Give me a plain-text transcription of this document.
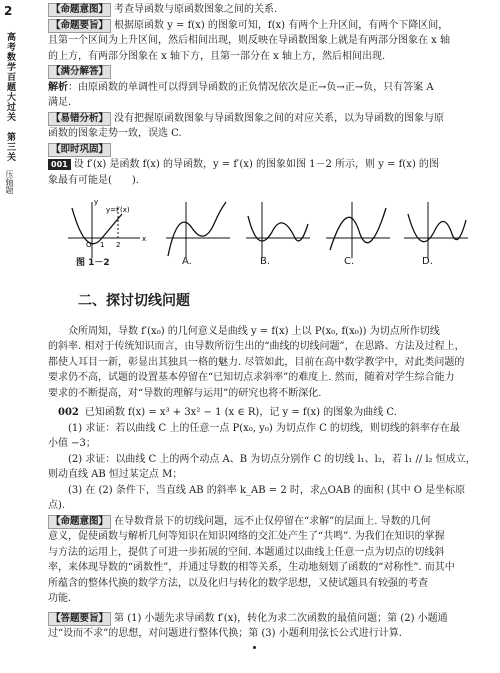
2
高考数学百题大过关
第三关
压轴题

【命题意图】 考查导函数与原函数图象之间的关系.

【命题要旨】 根据原函数 y = f(x) 的图象可知，f(x) 有两个上升区间，有两个下降区间，

且第一个区间为上升区间，然后相间出现，则反映在导函数图象上就是有两部分图象在 x 轴

的上方，有两部分图象在 x 轴下方，且第一部分在 x 轴上方，然后相间出现.

【满分解答】

解析：由原函数的单调性可以得到导函数的正负情况依次是正→负→正→负，只有答案 A

满足.

【易错分析】 没有把握原函数图象与导函数图象之间的对应关系，以为导函数的图象与原

函数的图象走势一致，误选 C.

【即时巩固】

001 设 f′(x) 是函数 f(x) 的导函数，y = f′(x) 的图象如图 1－2 所示，则 y = f(x) 的图

象最有可能是(　　).

y=f′(x)
x
y
O 1 2
图 1－2	A.	B.	C.	D.
二、探讨切线问题

众所周知，导数 f′(x₀) 的几何意义是曲线 y = f(x) 上以 P(x₀, f(x₀)) 为切点所作切线

的斜率. 相对于传统知识而言，由导数所衍生出的“曲线的切线问题”，在思路、方法及过程上，

都使人耳目一新，彰显出其独具一格的魅力. 尽管如此，目前在高中数学教学中，对此类问题的

要求仍不高，试题的设置基本停留在“已知切点求斜率”的难度上. 然而，随着对学生综合能力

要求的不断提高，对“导数的理解与运用”的研究也将不断深化.

002 已知函数 f(x) = x³ + 3x² − 1 (x ∈ R)，记 y = f(x) 的图象为曲线 C.

(1) 求证：若以曲线 C 上的任意一点 P(x₀, y₀) 为切点作 C 的切线，则切线的斜率存在最

小值 −3；

(2) 求证：以曲线 C 上的两个动点 A、B 为切点分别作 C 的切线 l₁、l₂，若 l₁ // l₂ 恒成立，

则动直线 AB 恒过某定点 M；

(3) 在 (2) 条件下，当直线 AB 的斜率 k_AB = 2 时，求△OAB 的面积 (其中 O 是坐标原点).

【命题意图】 在导数背景下的切线问题，远不止仅停留在“求解”的层面上. 导数的几何

意义，促使函数与解析几何等知识在知识网络的交汇处产生了“共鸣”. 为我们在知识的掌握

与方法的运用上，提供了可进一步拓展的空间. 本题通过以曲线上任意一点为切点的切线斜

率，来体现导数的“函数性”，并通过导数的相等关系，生动地刻划了函数的“对称性”. 而其中

所蕴含的整体代换的数学方法，以及化归与转化的数学思想，又使试题具有较强的考查

功能.

【答题要旨】 第 (1) 小题先求导函数 f′(x)，转化为求二次函数的最值问题；第 (2) 小题通

过“设而不求”的思想，对问题进行整体代换；第 (3) 小题利用弦长公式进行计算.
